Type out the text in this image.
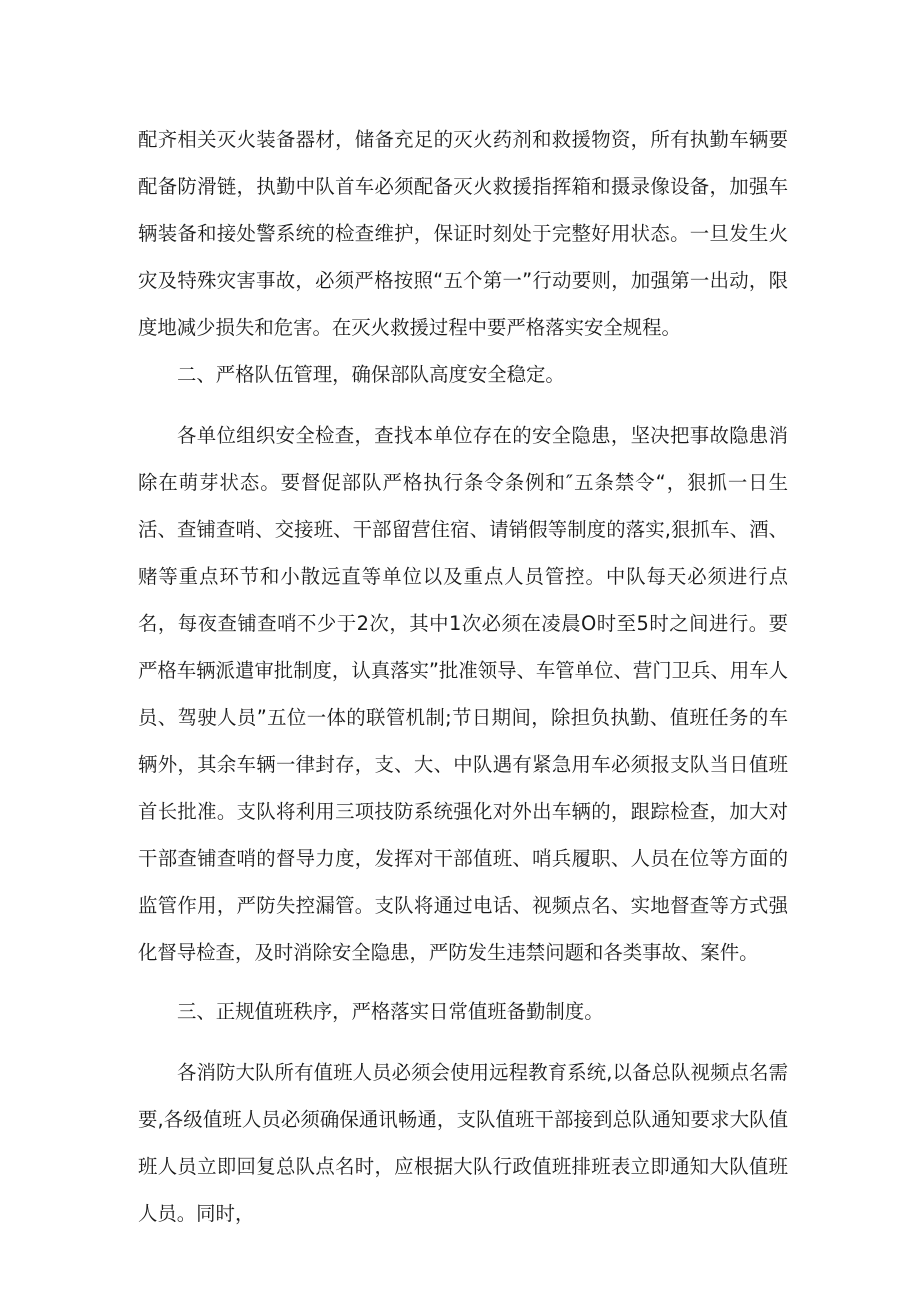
配齐相关灭火装备器材，储备充足的灭火药剂和救援物资，所有执勤车辆要配备防滑链，执勤中队首车必须配备灭火救援指挥箱和摄录像设备，加强车辆装备和接处警系统的检查维护，保证时刻处于完整好用状态。一旦发生火灾及特殊灾害事故，必须严格按照“五个第一”行动要则，加强第一出动，限度地减少损失和危害。在灭火救援过程中要严格落实安全规程。

二、严格队伍管理，确保部队高度安全稳定。

各单位组织安全检查，查找本单位存在的安全隐患，坚决把事故隐患消除在萌芽状态。要督促部队严格执行条令条例和″五条禁令“，狠抓一日生活、查铺查哨、交接班、干部留营住宿、请销假等制度的落实,狠抓车、酒、赌等重点环节和小散远直等单位以及重点人员管控。中队每天必须进行点名，每夜查铺查哨不少于2次，其中1次必须在凌晨O时至5时之间进行。要严格车辆派遣审批制度，认真落实”批准领导、车管单位、营门卫兵、用车人员、驾驶人员”五位一体的联管机制;节日期间，除担负执勤、值班任务的车辆外，其余车辆一律封存，支、大、中队遇有紧急用车必须报支队当日值班首长批准。支队将利用三项技防系统强化对外出车辆的，跟踪检查，加大对干部查铺查哨的督导力度，发挥对干部值班、哨兵履职、人员在位等方面的监管作用，严防失控漏管。支队将通过电话、视频点名、实地督查等方式强化督导检查，及时消除安全隐患，严防发生违禁问题和各类事故、案件。

三、正规值班秩序，严格落实日常值班备勤制度。

各消防大队所有值班人员必须会使用远程教育系统,以备总队视频点名需要,各级值班人员必须确保通讯畅通，支队值班干部接到总队通知要求大队值班人员立即回复总队点名时，应根据大队行政值班排班表立即通知大队值班人员。同时，
